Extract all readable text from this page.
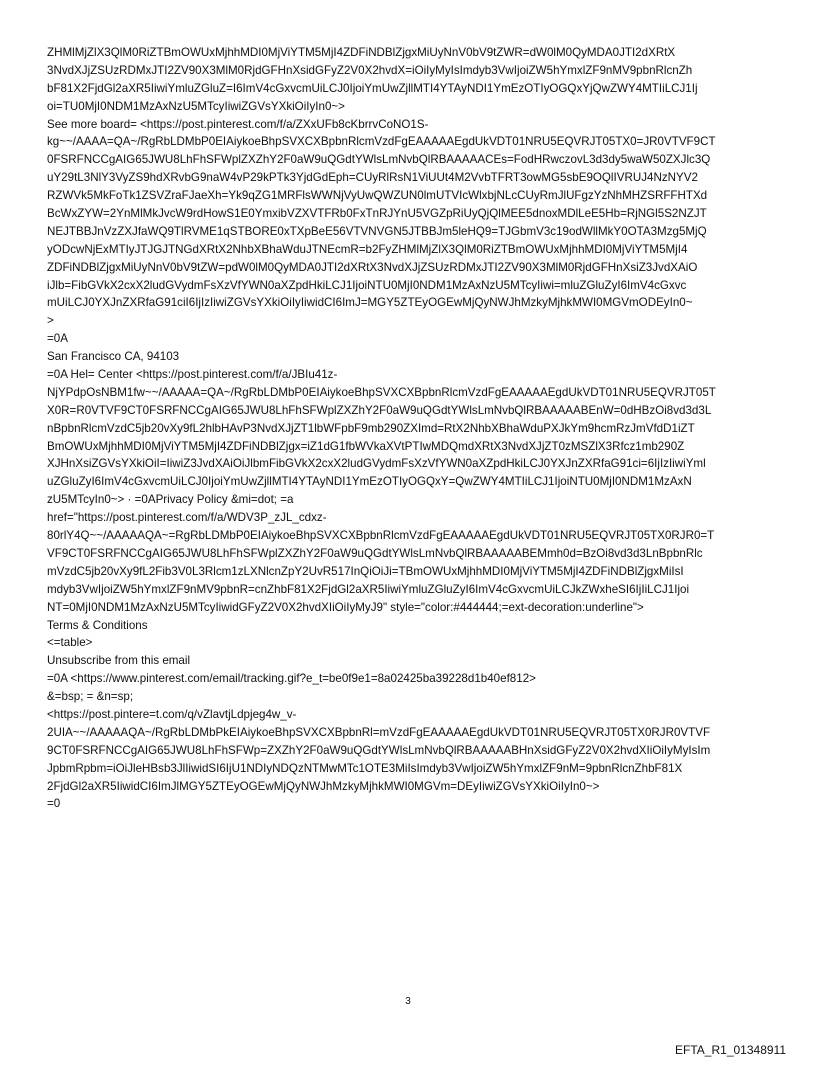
ZHMlMjZlX3QlM0RiZTBmOWUxMjhhMDI0MjViYTM5MjI4ZDFiNDBlZjgxMiUyNnV0bV9tZWR=dW0lM0QyMDA0JTI2dXRtX
3NvdXJjZSUzRDMxJTI2ZV90X3MlM0RjdGFHnXsidGFyZ2V0X2hvdX=iOiIyMyIsImdyb3VwIjoiZW5hYmxlZF9nMV9pbnRlcnZh
bF81X2FjdGl2aXR5IiwiYmluZGluZ=I6ImV4cGxvcmUiLCJ0IjoiYmUwZjllMTI4YTAyNDI1YmEzOTIyOGQxYjQwZWY4MTIiLCJ1Ij
oi=TU0MjI0NDM1MzAxNzU5MTcyIiwiZGVsYXkiOiIyIn0~>
See more board= <https://post.pinterest.com/f/a/ZXxUFb8cKbrrvCoNO1S-
kg~~/AAAA=QA~/RgRbLDMbP0EIAiykoeBhpSVXCXBpbnRlcmVzdFgEAAAAAEgdUkVDT01NRU5EQVRJT05TX0=JR0VTVF9CT
0FSRFNCCgAIG65JWU8LhFhSFWplZXZhY2F0aW9uQGdtYWlsLmNvbQlRBAAAAACEs=FodHRwczovL3d3dy5waW50ZXJlc3Q
uY29tL3NlY3VyZS9hdXRvbG9naW4vP29kPTk3YjdGdEph=CUyRlRsN1ViUUt4M2VvbTFRT3owMG5sbE9OQlIVRUJ4NzNYV2
RZWVk5MkFoTk1ZSVZraFJaeXh=Yk9qZG1MRFlsWWNjVyUwQWZUN0lmUTVIcWlxbjNLcCUyRmJlUFgzYzNhMHZSRFFHTXd
BcWxZYW=2YnMlMkJvcW9rdHowS1E0YmxibVZXVTFRb0FxTnRJYnU5VGZpRiUyQjQlMEE5dnoxMDlLeE5Hb=RjNGl5S2NZJT
NEJTBBJnVzZXJfaWQ9TlRVME1qSTBORE0xTXpBeE56VTVNVGN5JTBBJm5leHQ9=TJGbmV3c19odWllMkY0OTA3Mzg5MjQ
yODcwNjExMTIyJTJGJTNGdXRtX2NhbXBhaWduJTNEcmR=b2FyZHMlMjZlX3QlM0RiZTBmOWUxMjhhMDI0MjViYTM5MjI4
ZDFiNDBlZjgxMiUyNnV0bV9tZW=pdW0lM0QyMDA0JTI2dXRtX3NvdXJjZSUzRDMxJTI2ZV90X3MlM0RjdGFHnXsiZ3JvdXAiO
iJlb=FibGVkX2cxX2ludGVydmFsXzVfYWN0aXZpdHkiLCJ1IjoiNTU0MjI0NDM1MzAxNzU5MTcyIiwi=mluZGluZyI6ImV4cGxvc
mUiLCJ0YXJnZXRfaG91ciI6IjIzIiwiZGVsYXkiOiIyIiwidCI6ImJ=MGY5ZTEyOGEwMjQyNWJhMzkyMjhkMWI0MGVmODEyIn0~
>
=0A
San Francisco CA, 94103
=0A Hel= Center <https://post.pinterest.com/f/a/JBIu41z-
NjYPdpOsNBM1fw~~/AAAAA=QA~/RgRbLDMbP0EIAiykoeBhpSVXCXBpbnRlcmVzdFgEAAAAAEgdUkVDT01NRU5EQVRJT05T
X0R=R0VTVF9CT0FSRFNCCgAIG65JWU8LhFhSFWplZXZhY2F0aW9uQGdtYWlsLmNvbQlRBAAAAABEnW=0dHBzOi8vd3d3L
nBpbnRlcmVzdC5jb20vXy9fL2hlbHAvP3NvdXJjZT1lbWFpbF9mb290ZXImd=RtX2NhbXBhaWduPXJkYm9hcmRzJmVfdD1iZT
BmOWUxMjhhMDI0MjViYTM5MjI4ZDFiNDBlZjgx=iZ1dG1fbWVkaXVtPTIwMDQmdXRtX3NvdXJjZT0zMSZlX3Rfcz1mb290Z
XJHnXsiZGVsYXkiOiI=IiwiZ3JvdXAiOiJlbmFibGVkX2cxX2ludGVydmFsXzVfYWN0aXZpdHkiLCJ0YXJnZXRfaG91ci=6IjIzIiwiYml
uZGluZyI6ImV4cGxvcmUiLCJ0IjoiYmUwZjllMTI4YTAyNDI1YmEzOTIyOGQxY=QwZWY4MTIiLCJ1IjoiNTU0MjI0NDM1MzAxN
zU5MTcyIn0~> · =0APrivacy Policy &mi=dot; =a
href="https://post.pinterest.com/f/a/WDV3P_zJL_cdxz-
80rlY4Q~~/AAAAAQA~=RgRbLDMbP0EIAiykoeBhpSVXCXBpbnRlcmVzdFgEAAAAAEgdUkVDT01NRU5EQVRJT05TX0RJR0=T
VF9CT0FSRFNCCgAIG65JWU8LhFhSFWplZXZhY2F0aW9uQGdtYWlsLmNvbQlRBAAAAABEMmh0d=BzOi8vd3d3LnBpbnRlc
mVzdC5jb20vXy9fL2Fib3V0L3Rlcm1zLXNlcnZpY2UvR517InQiOiJi=TBmOWUxMjhhMDI0MjViYTM5MjI4ZDFiNDBlZjgxMiIsI
mdyb3VwIjoiZW5hYmxlZF9nMV9pbnR=cnZhbF81X2FjdGl2aXR5IiwiYmluZGluZyI6ImV4cGxvcmUiLCJkZWxheSI6IjIiLCJ1Ijoi
NT=0MjI0NDM1MzAxNzU5MTcyIiwidGFyZ2V0X2hvdXIiOiIyMyJ9" style="color:#444444;=ext-decoration:underline">
Terms & Conditions
<=table>
Unsubscribe from this email
=0A <https://www.pinterest.com/email/tracking.gif?e_t=be0f9e1=8a02425ba39228d1b40ef812>
&=bsp; = &n=sp;
<https://post.pintere=t.com/q/vZlavtjLdpjeg4w_v-
2UIA~~/AAAAAQA~/RgRbLDMbPkEIAiykoeBhpSVXCXBpbnRl=mVzdFgEAAAAAEgdUkVDT01NRU5EQVRJT05TX0RJR0VTVF
9CT0FSRFNCCgAIG65JWU8LhFhSFWp=ZXZhY2F0aW9uQGdtYWlsLmNvbQlRBAAAAABHnXsidGFyZ2V0X2hvdXIiOiIyMyIsIm
JpbmRpbm=iOiJleHBsb3JlIiwidSI6IjU1NDIyNDQzNTMwMTc1OTE3MiIsImdyb3VwIjoiZW5hYmxlZF9nM=9pbnRlcnZhbF81X
2FjdGl2aXR5IiwidCI6ImJlMGY5ZTEyOGEwMjQyNWJhMzkyMjhkMWI0MGVm=DEyIiwiZGVsYXkiOiIyIn0~>
=0
3
EFTA_R1_01348911
